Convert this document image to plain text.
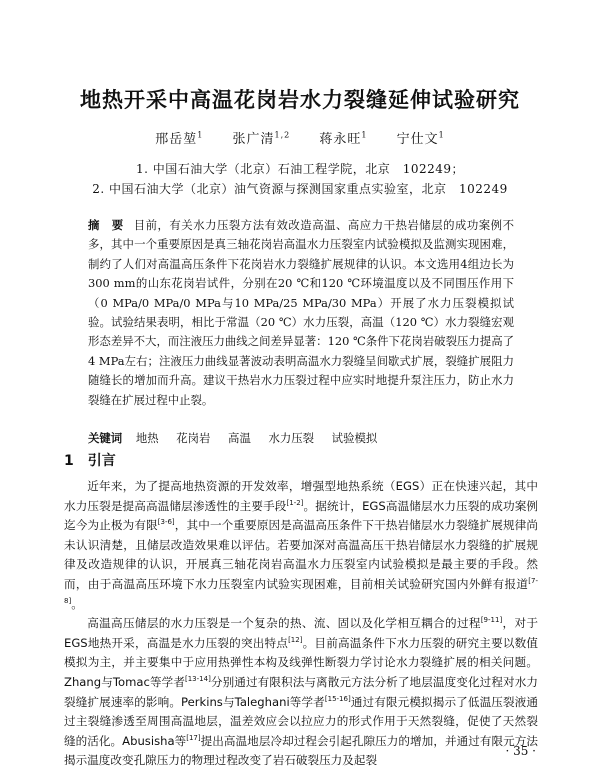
地热开采中高温花岗岩水力裂缝延伸试验研究
邢岳堃$^1$ 张广清$^{1,2}$ 蒋永旺$^1$ 宁仕文$^1$
1. 中国石油大学（北京）石油工程学院，北京　102249；
2. 中国石油大学（北京）油气资源与探测国家重点实验室，北京　102249

摘　要 目前，有关水力压裂方法有效改造高温、高应力干热岩储层的成功案例不多，其中一个重要原因是真三轴花岗岩高温水力压裂室内试验模拟及监测实现困难，制约了人们对高温高压条件下花岗岩水力裂缝扩展规律的认识。本文选用4组边长为300 mm的山东花岗岩试件，分别在20 ℃和120 ℃环境温度以及不同围压作用下（0 MPa/0 MPa/0 MPa与10 MPa/25 MPa/30 MPa）开展了水力压裂模拟试验。试验结果表明，相比于常温（20 ℃）水力压裂，高温（120 ℃）水力裂缝宏观形态差异不大，而注液压力曲线之间差异显著：120 ℃条件下花岗岩破裂压力提高了4 MPa左右；注液压力曲线显著波动表明高温水力裂缝呈间歇式扩展，裂缝扩展阻力随缝长的增加而升高。建议干热岩水力压裂过程中应实时地提升泵注压力，防止水力裂缝在扩展过程中止裂。

关键词 地热 花岗岩 高温 水力压裂 试验模拟

1 引言

近年来，为了提高地热资源的开发效率，增强型地热系统（EGS）正在快速兴起，其中水力压裂是提高高温储层渗透性的主要手段[1-2]。据统计，EGS高温储层水力压裂的成功案例迄今为止极为有限[3-6]，其中一个重要原因是高温高压条件下干热岩储层水力裂缝扩展规律尚未认识清楚，且储层改造效果难以评估。若要加深对高温高压干热岩储层水力裂缝的扩展规律及改造规律的认识，开展真三轴花岗岩高温水力压裂室内试验模拟是最主要的手段。然而，由于高温高压环境下水力压裂室内试验实现困难，目前相关试验研究国内外鲜有报道[7-8]。

高温高压储层的水力压裂是一个复杂的热、流、固以及化学相互耦合的过程[9-11]，对于EGS地热开采，高温是水力压裂的突出特点[12]。目前高温条件下水力压裂的研究主要以数值模拟为主，并主要集中于应用热弹性本构及线弹性断裂力学讨论水力裂缝扩展的相关问题。Zhang与Tomac等学者[13-14]分别通过有限积法与离散元方法分析了地层温度变化过程对水力裂缝扩展速率的影响。Perkins与Taleghani等学者[15-16]通过有限元模拟揭示了低温压裂液通过主裂缝渗透至周围高温地层，温差效应会以拉应力的形式作用于天然裂缝，促使了天然裂缝的活化。Abusisha等[17]提出高温地层冷却过程会引起孔隙压力的增加，并通过有限元方法揭示温度改变孔隙压力的物理过程改变了岩石破裂压力及起裂

· 35 ·
